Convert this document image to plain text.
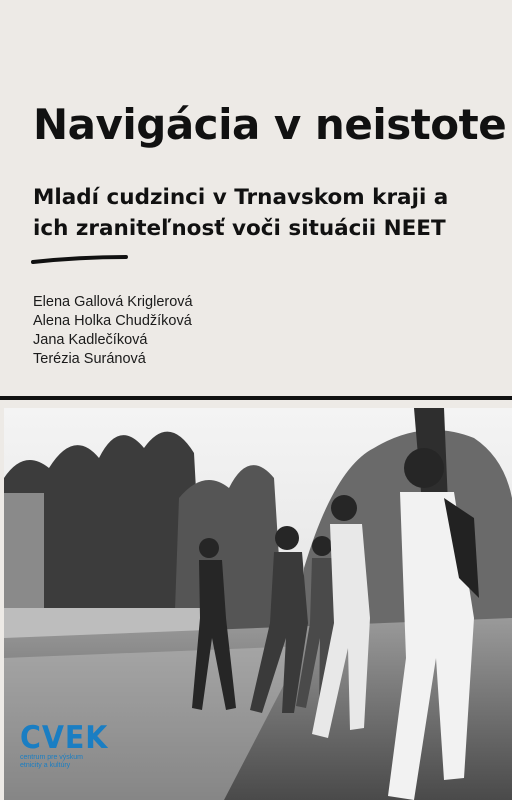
Navigácia v neistote
Mladí cudzinci v Trnavskom kraji a
ich zraniteľnosť voči situácii NEET
Elena Gallová Kriglerová
Alena Holka Chudžíková
Jana Kadlečíková
Terézia Suránová
CVEK
centrum pre výskum
etnicity a kultúry
